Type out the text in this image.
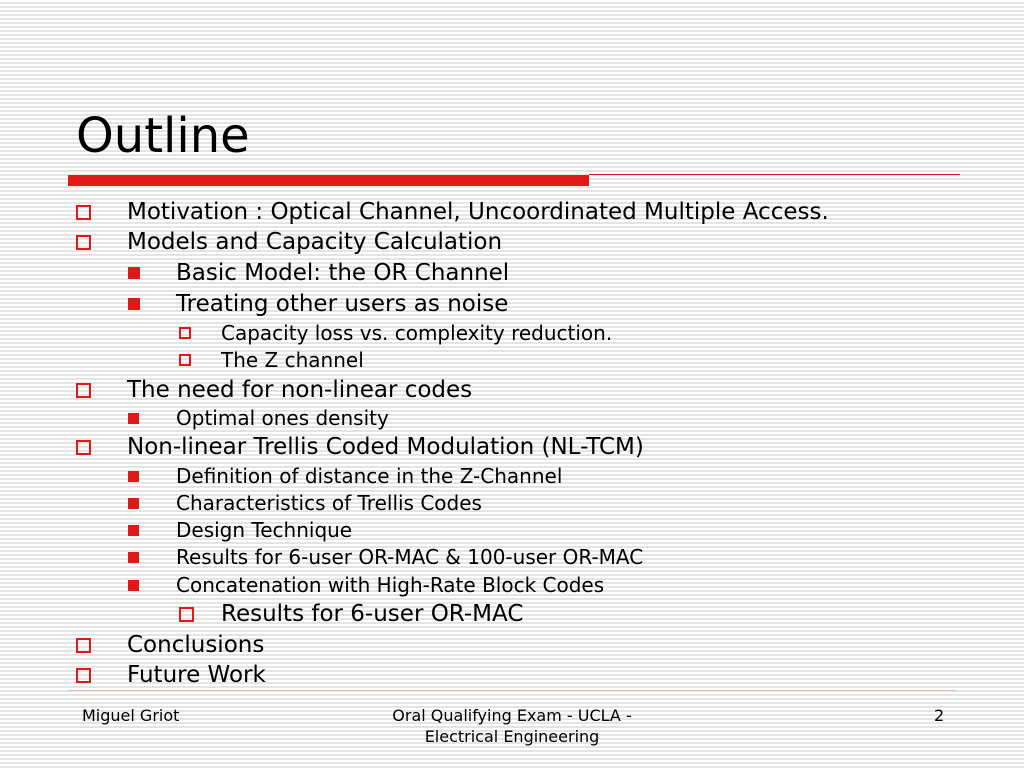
Outline
Motivation : Optical Channel, Uncoordinated Multiple Access.
Models and Capacity Calculation
Basic Model: the OR Channel
Treating other users as noise
Capacity loss vs. complexity reduction.
The Z channel
The need for non-linear codes
Optimal ones density
Non-linear Trellis Coded Modulation (NL-TCM)
Definition of distance in the Z-Channel
Characteristics of Trellis Codes
Design Technique
Results for 6-user OR-MAC & 100-user OR-MAC
Concatenation with High-Rate Block Codes
Results for 6-user OR-MAC
Conclusions
Future Work
Miguel Griot	Oral Qualifying Exam - UCLA - Electrical Engineering
2
